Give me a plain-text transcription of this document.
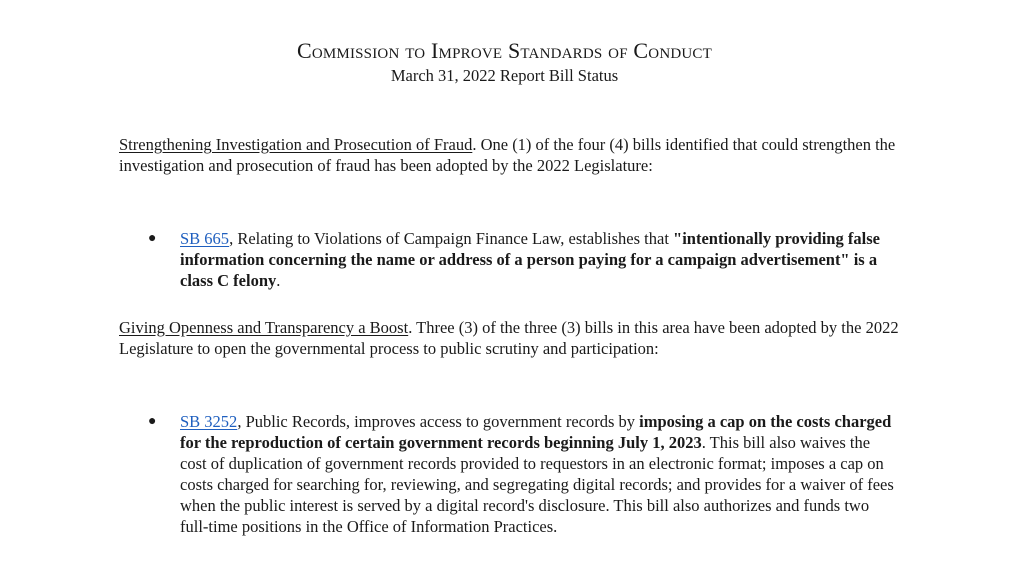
Commission to Improve Standards of Conduct
March 31, 2022 Report Bill Status
Strengthening Investigation and Prosecution of Fraud. One (1) of the four (4) bills identified that could strengthen the investigation and prosecution of fraud has been adopted by the 2022 Legislature:
● SB 665, Relating to Violations of Campaign Finance Law, establishes that "intentionally providing false information concerning the name or address of a person paying for a campaign advertisement" is a class C felony.
Giving Openness and Transparency a Boost. Three (3) of the three (3) bills in this area have been adopted by the 2022 Legislature to open the governmental process to public scrutiny and participation:
● SB 3252, Public Records, improves access to government records by imposing a cap on the costs charged for the reproduction of certain government records beginning July 1, 2023. This bill also waives the cost of duplication of government records provided to requestors in an electronic format; imposes a cap on costs charged for searching for, reviewing, and segregating digital records; and provides for a waiver of fees when the public interest is served by a digital record's disclosure. This bill also authorizes and funds two full-time positions in the Office of Information Practices.
